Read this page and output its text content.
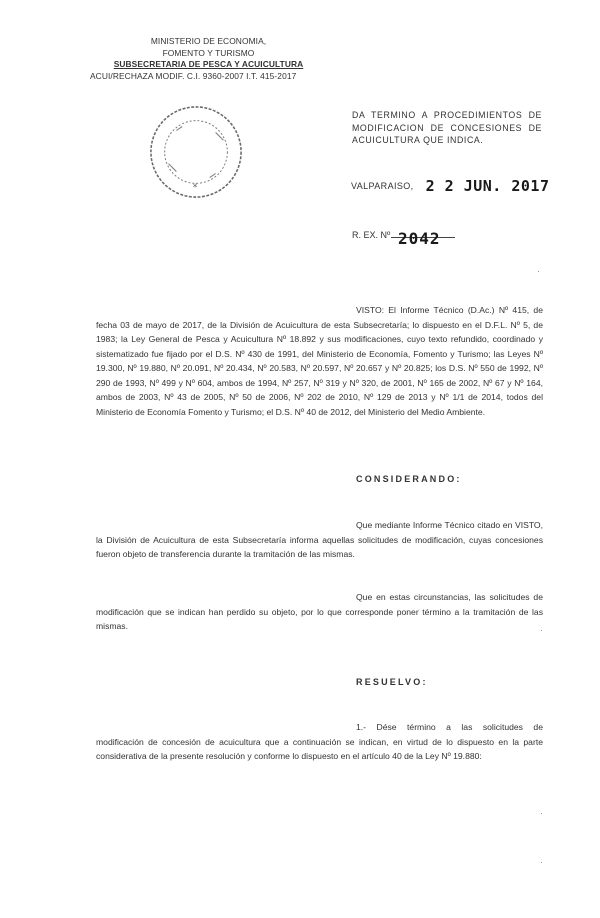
MINISTERIO DE ECONOMIA,
FOMENTO Y TURISMO
SUBSECRETARIA DE PESCA Y ACUICULTURA
ACUI/RECHAZA MODIF. C.I. 9360-2007 I.T. 415-2017
*
DA TERMINO A PROCEDIMIENTOS DE MODIFICACION DE CONCESIONES DE ACUICULTURA QUE INDICA.
VALPARAISO, 2 2 JUN. 2017
R. EX. Nº 2042

VISTO: El Informe Técnico (D.Ac.) Nº 415, de fecha 03 de mayo de 2017, de la División de Acuicultura de esta Subsecretaría; lo dispuesto en el D.F.L. Nº 5, de 1983; la Ley General de Pesca y Acuicultura Nº 18.892 y sus modificaciones, cuyo texto refundido, coordinado y sistematizado fue fijado por el D.S. Nº 430 de 1991, del Ministerio de Economía, Fomento y Turismo; las Leyes Nº 19.300, Nº 19.880, Nº 20.091, Nº 20.434, Nº 20.583, Nº 20.597, Nº 20.657 y Nº 20.825; los D.S. Nº 550 de 1992, Nº 290 de 1993, Nº 499 y Nº 604, ambos de 1994, Nº 257, Nº 319 y Nº 320, de 2001, Nº 165 de 2002, Nº 67 y Nº 164, ambos de 2003, Nº 43 de 2005, Nº 50 de 2006, Nº 202 de 2010, Nº 129 de 2013 y Nº 1/1 de 2014, todos del Ministerio de Economía Fomento y Turismo; el D.S. Nº 40 de 2012, del Ministerio del Medio Ambiente.

CONSIDERANDO:

Que mediante Informe Técnico citado en VISTO, la División de Acuicultura de esta Subsecretaría informa aquellas solicitudes de modificación, cuyas concesiones fueron objeto de transferencia durante la tramitación de las mismas.

Que en estas circunstancias, las solicitudes de modificación que se indican han perdido su objeto, por lo que corresponde poner término a la tramitación de las mismas.

RESUELVO:

1.- Dése término a las solicitudes de modificación de concesión de acuicultura que a continuación se indican, en virtud de lo dispuesto en la parte considerativa de la presente resolución y conforme lo dispuesto en el artículo 40 de la Ley Nº 19.880:

·
·
·
·
